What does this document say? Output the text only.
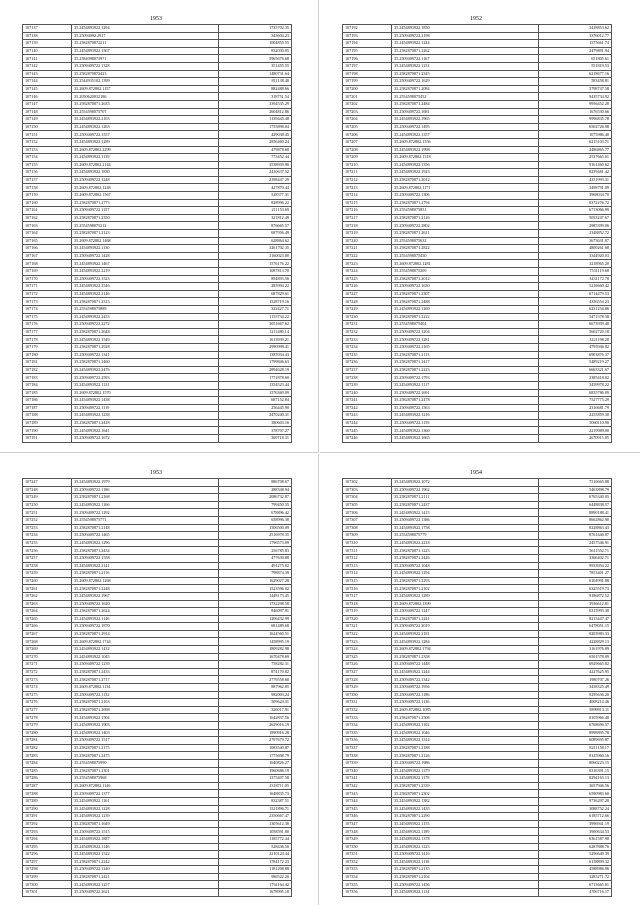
1953
107137	35.2454893922.1294	1735702.35
107138	35.25094092.2917	343604.23
107139	35.2582870872211	1004855.55
107140	35.2454893922.1567	832030.05
107141	35.2584098073971	5965676.68
107142	35.2509409722.1328	351455.55
107143	35.2582870872423	1480731.64
107144	35.2544935102.1399	811138.48
107145	35.2609.872802.1157	882488.66
107146	35.2050620032186	318751.54
107147	35.2582870871.2635	3394535.29
107148	35.2554598075707	2604812.86
107149	35.2454893922.2163	1139445.48
107150	35.2454893922.1263	1755898.04
107151	35.2509409722.1557	429038.45
107152	35.2454893922.1289	2856460.24
107153	35.2609.872802.2299	479878.68
107154	35.2454893922.1139	773452.44
107155	35.2609.872802.2144	3538939.90
107156	35.2454893922.1830	2410637.52
107157	35.2509409722.1248	2398447.29
107158	35.2609.872802.1248	427870.44
107159	35.2609.872802.1567	528377.31
107160	35.2582870871.2773	828996.22
107161	35.2509409722.1157	211153.69
107162	35.2582870871.2350	321812.49
107163	35.2554598075212	876665.57
107164	35.2582870871.2123	687956.49
107165	35.2609.872802.1468	628864.62
107166	35.2454893922.1130	3261702.35
107167	35.2509409722.1428	3160023.80
107168	35.2454893922.1467	1576176.22
107169	35.2454893922.2219	1087813.70
107170	35.2509409722.1523	894893.56
107171	35.2454893922.2546	285994.22
107172	35.2454893922.2146	687829.61
107173	35.2582870871.2313	1528719.16
107174	35.2554598075889	322427.71
107175	35.2454893922.2453	1155734.22
107176	35.2509409722.2272	3051667.62
107177	35.2582870871.2648	1211480.14
107178	35.2454893922.1549	1613939.21
107179	35.2582870871.2928	2990998.41
107180	35.2509409722.1341	1385934.43
107181	35.2582870871.2460	1799846.63
107182	35.2454893922.2476	2894628.19
107183	35.2509409722.2593	1771878.60
107184	35.2454893922.1131	1354523.44
107185	35.2609.872802.1570	1576369.09
107186	35.2454893922.1438	687152.84
107187	35.2509409722.1119	256445.90
107188	35.2454893922.1238	2470240.31
107189	35.2582870871.2418	380603.16
107190	35.2454893922.1641	378707.27
107191	35.2509409722.1672	369718.31
1952
107192	35.2454893922.1850	3418853.62
107193	35.2509409722.2198	3376012.77
107194	35.2454893922.1244	1575661.74
107195	35.2582870871.2262	2479891.94
107196	35.2509409722.1167	651805.61
107197	35.2454893922.1231	551819.53
107198	35.2582870871.2345	6218677.16
107199	35.2509409722.1629	583458.81
107200	35.2582870871.2084	5798747.58
107201	35.2554598075452	9435734.92
107202	35.2582870871.2484	9956452.28
107203	35.2509409722.1681	1676530.66
107204	35.2454893922.1965	9996835.78
107205	35.2509409722.1495	6502726.98
107206	35.2454893922.1357	1075986.40
107207	35.2609.872802.1556	6215103.71
107208	35.2454893922.1998	2486865.77
107209	35.2609.872802.1318	2537665.01
107210	35.2454893922.1356	9161460.62
107211	35.2454893922.1923	8239481.42
107212	35.2582870871.2012	4351993.31
107213	35.2609.872802.1171	3498791.09
107214	35.2509409722.1306	3968034.70
107215	35.2582870871.2794	6372276.72
107216	35.2554598075851	6713066.99
107217	35.2582870871.2126	5053247.67
107218	35.2509409722.2802	2985399.06
107219	35.2582870871.2611	2348852.72
107220	35.2554598075632	3673631.07
107221	35.2582870871.2822	4800261.68
107222	35.2554598075450	3344920.03
107223	35.2609.872802.1281	3218965.20
107224	35.2554598075209	7531119.68
107225	35.2582870871.2012	3431172.78
107226	35.2509409722.1630	5216660.42
107227	35.2582870871.2307	6714479.53
107228	35.2582870871.2488	4356554.23
107229	35.2454893922.1269	6231254.86
107230	35.2582870871.2222	5471378.38
107231	35.2554598075404	6673939.48
107232	35.2509409722.1204	5602720.18
107233	35.2509409722.1281	3221198.28
107234	35.2509409722.2165	4795946.82
107235	35.2582870871.2113	6903876.37
107236	35.2582870871.2417	5489219.27
107237	35.2582870871.2223	6663321.67
107238	35.2509409722.1793	2385418.02
107239	35.2454893922.1117	3459978.22
107240	35.2509409722.1691	6835786.09
107241	35.2582870871.2478	7527775.29
107242	35.2509409722.1563	2316681.79
107243	35.2454893922.1216	2255859.30
107244	35.2509409722.1159	5060110.90
107245	35.2454893922.1360	2219989.00
107246	35.2454893922.1665	2670915.05
1953
107247	35.2454893922.1979	886708.67
107248	35.2509409722.1186	288348.94
107249	35.2582870871.2168	2086732.87
107250	35.2454893922.1166	799450.35
107251	35.2509409722.1292	678896.42
107252	35.2554598075771	658996.38
107253	35.2582870871.2148	1506500.09
107254	35.2509409722.1465	2516978.35
107255	35.2454893922.1296	1796573.09
107256	35.2582870871.2434	256785.83
107257	35.2509409722.1558	477630.88
107258	35.2454893922.2141	491275.02
107259	35.2582870871.2116	798874.39
107260	35.2609.872802.1268	1629027.28
107261	35.2582870871.2248	1523596.02
107262	35.2454893922.1967	1448173.45
107263	35.2509409722.1620	1732298.58
107264	35.2582870871.2624	846097.91
107265	35.2454893922.1146	1206432.99
107266	35.2509409722.1870	681489.68
107267	35.2582870871.2914	1624560.51
107268	35.2609.872802.1744	1458995.19
107269	35.2454893922.1432	1809282.98
107270	35.2454893922.1045	1670478.69
107271	35.2509409722.1239	758282.31
107272	35.2582870871.2433	874170.82
107273	35.2582870871.2717	2779558.68
107274	35.2609.872802.1134	887962.85
107275	35.2509409722.1132	982003.24
107276	35.2582870871.2163	509624.31
107277	35.2582870871.2698	326017.91
107278	35.2454893922.1504	1642837.56
107279	35.2454893922.1903	2629016.19
107280	35.2454893922.1403	1890916.28
107281	35.2509409722.1517	2797679.72
107282	35.2582870871.2175	1083540.87
107283	35.2582870871.2475	1775698.79
107284	35.2554598075990	1640826.27
107285	35.2582870871.2301	1960686.19
107286	35.2554598075968	1375407.58
107287	35.2609.872802.1146	2318711.05
107288	35.2509409722.1377	1648835.73
107289	35.2454893922.1161	832387.51
107290	35.2454893922.1228	1521896.71
107291	35.2454893922.1239	2350667.47
107292	35.2582870871.1649	1305612.36
107293	35.2509409722.1515	1058591.80
107294	35.2454893922.1887	1185772.44
107295	35.2454893922.1146	528436.50
107296	35.2454893922.1522	2210124.44
107297	35.2582870871.2242	1784172.23
107298	35.2509409722.1240	1181208.88
107299	35.2582870871.2421	986522.20
107300	35.2454893922.1257	1761164.42
107301	35.2509409722.2621	1678995.18
1954
107302	35.2454893922.1072	7516665.88
107303	35.2509409722.1962	5463898.79
107304	35.2582870871.2111	6765340.05
107305	35.2582870871.2437	6448838.57
107306	35.2454893922.1415	8890188.41
107307	35.2509409722.1386	8662862.90
107308	35.2454893922.1758	8228863.43
107309	35.2554598075779	8761446.07
107310	35.2454893922.2218	2457546.91
107311	35.2582870871.1223	5611552.71
107312	35.2582870871.2426	3366402.71
107313	35.2509409722.1048	9933954.22
107314	35.2454893922.1294	7853401.27
107315	35.2582870871.2293	6104991.88
107316	35.2582870871.2102	6325519.73
107317	35.2454893922.1289	9186872.52
107318	35.2609.872802.1399	3936612.81
107319	35.2509409722.1247	6315993.38
107320	35.2582870871.2241	8213447.47
107321	35.2509409722.2019	6478051.15
107322	35.2454893922.2181	9203983.33
107323	35.2454893922.1284	4228829.13
107324	35.2609.872802.1794	3161976.89
107325	35.2582870871.2358	6501578.09
107326	35.2509409722.1448	6929665.82
107327	35.2454893922.1244	4227625.95
107328	35.2509409722.1342	1980707.26
107329	35.2509409722.1956	3458325.49
107330	35.2509409722.1186	9295636.20
107331	35.2509409722.1136	4008214.46
107332	35.2609.872802.1085	5899913.11
107333	35.2582870871.2506	8105966.48
107334	35.2454893922.1102	6768696.57
107335	35.2454893922.1046	8998895.78
107336	35.2454893922.1314	6089695.87
107337	35.2582870871.2188	8211158.17
107338	35.2582870871.2126	8125960.16
107339	35.2509409722.1986	8060223.15
107340	35.2454893922.1379	6316391.15
107341	35.2454893922.1178	8294163.13
107342	35.2582870871.2339	3657946.56
107343	35.2582870871.2302	6590983.60
107344	35.2454893922.1382	9736297.28
107345	35.2454893922.1435	3088752.24
107346	35.2582870871.2290	6185712.66
107347	35.2454893922.1155	3996941.19
107348	35.2454893922.1189	3900634.53
107349	35.2454893922.1378	6361587.98
107350	35.2454893922.1223	6287888.76
107351	35.2509409722.1416	5296649.39
107352	35.2454893922.1118	6158899.32
107353	35.2582870871.2135	4588986.96
107354	35.2582870871.2104	3285271.72
107355	35.2509409722.1456	6713665.01
107356	35.2454893922.1134	4706716.17
